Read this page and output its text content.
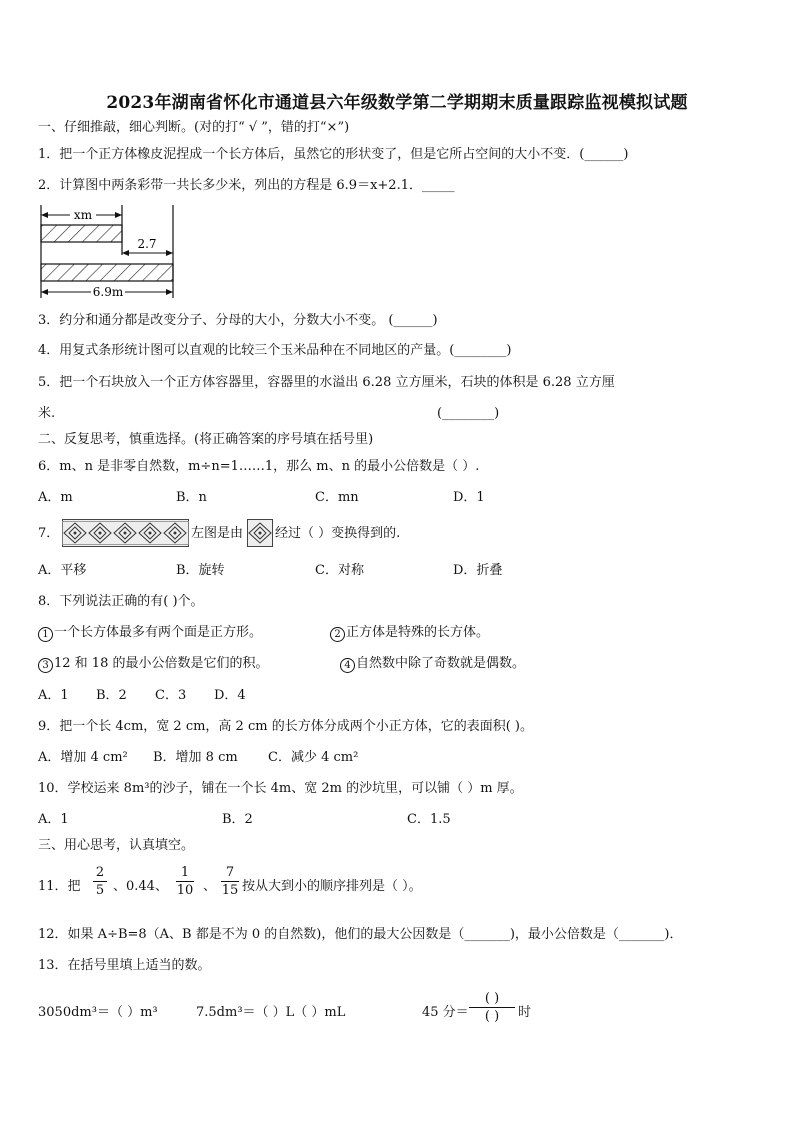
2023年湖南省怀化市通道县六年级数学第二学期期末质量跟踪监视模拟试题
一、仔细推敲，细心判断。(对的打“ √ ”，错的打“×”)
1．把一个正方体橡皮泥捏成一个长方体后，虽然它的形状变了，但是它所占空间的大小不变．(______)
2．计算图中两条彩带一共长多少米，列出的方程是 6.9＝x+2.1．_____
xm
2.7
6.9m
3．约分和通分都是改变分子、分母的大小，分数大小不变。 (______)
4．用复式条形统计图可以直观的比较三个玉米品种在不同地区的产量。(________)
5．把一个石块放入一个正方体容器里，容器里的水溢出 6.28 立方厘米，石块的体积是 6.28 立方厘
米.	(________)
二、反复思考，慎重选择。(将正确答案的序号填在括号里)
6．m、n 是非零自然数，m÷n=1……1，那么 m、n 的最小公倍数是（ ）.
A．m	B．n	C．mn	D．1
7．	左图是由 经过（ ）变换得到的.
A．平移	B．旋转	C．对称	D．折叠
8．下列说法正确的有( )个。
1 一个长方体最多有两个面是正方形。	2 正方体是特殊的长方体。
3 12 和 18 的最小公倍数是它们的积。	4 自然数中除了奇数就是偶数。
A．1 B．2 C．3 D．4
9．把一个长 4cm，宽 2 cm，高 2 cm 的长方体分成两个小正方体，它的表面积( )。
A．增加 4 cm² B．增加 8 cm C．减少 4 cm²
10．学校运来 8m³的沙子，铺在一个长 4m、宽 2m 的沙坑里，可以铺（ ）m 厚。
A．1	B．2	C．1.5
三、用心思考，认真填空。
11．把
2
5 、0.44、
1
10 、
7
15 按从大到小的顺序排列是（ ）。
12．如果 A÷B=8（A、B 都是不为 0 的自然数)，他们的最大公因数是（_______)，最小公倍数是（_______)．
13．在括号里填上适当的数。
3050dm³＝（ ）m³	7.5dm³＝（ ）L（ ）mL	45 分＝
( )
( )	时
